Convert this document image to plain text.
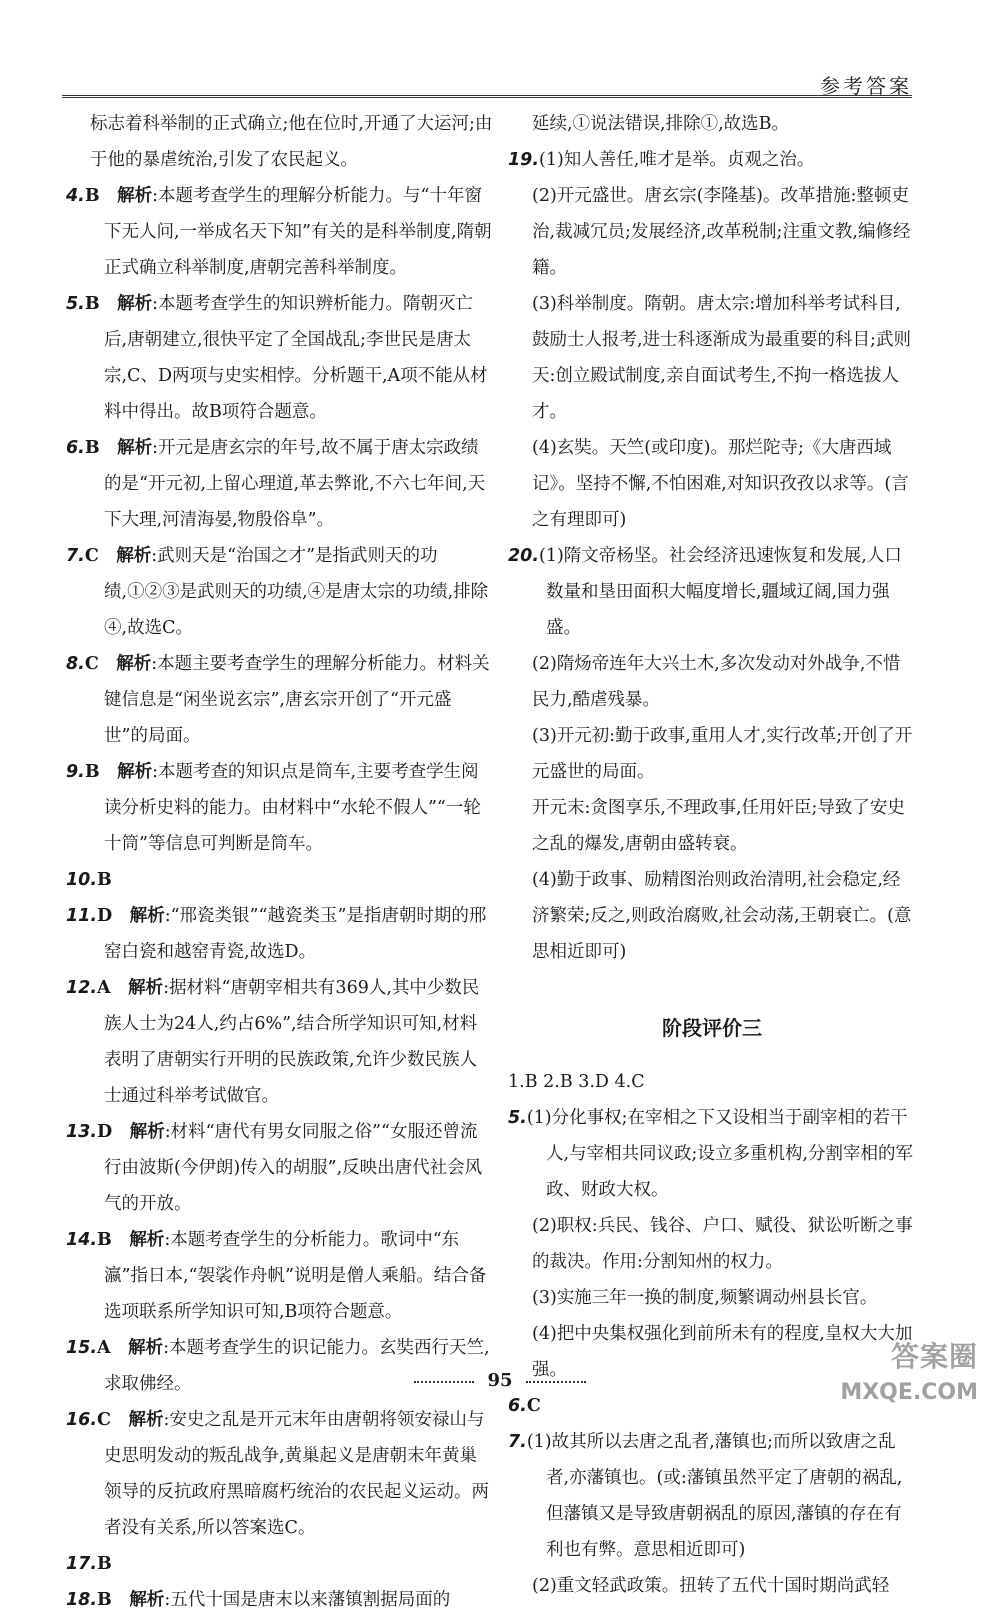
参考答案
标志着科举制的正式确立;他在位时,开通了大运河;由于他的暴虐统治,引发了农民起义。
4.B  解析:本题考查学生的理解分析能力。与“十年窗下无人问,一举成名天下知”有关的是科举制度,隋朝正式确立科举制度,唐朝完善科举制度。
5.B  解析:本题考查学生的知识辨析能力。隋朝灭亡后,唐朝建立,很快平定了全国战乱;李世民是唐太宗,C、D两项与史实相悖。分析题干,A项不能从材料中得出。故B项符合题意。
6.B  解析:开元是唐玄宗的年号,故不属于唐太宗政绩的是“开元初,上留心理道,革去弊讹,不六七年间,天下大理,河清海晏,物殷俗阜”。
7.C  解析:武则天是“治国之才”是指武则天的功绩,①②③是武则天的功绩,④是唐太宗的功绩,排除④,故选C。
8.C  解析:本题主要考查学生的理解分析能力。材料关键信息是“闲坐说玄宗”,唐玄宗开创了“开元盛世”的局面。
9.B  解析:本题考查的知识点是筒车,主要考查学生阅读分析史料的能力。由材料中“水轮不假人”“一轮十筒”等信息可判断是筒车。
10.B
11.D  解析:“邢瓷类银”“越瓷类玉”是指唐朝时期的邢窑白瓷和越窑青瓷,故选D。
12.A  解析:据材料“唐朝宰相共有369人,其中少数民族人士为24人,约占6%”,结合所学知识可知,材料表明了唐朝实行开明的民族政策,允许少数民族人士通过科举考试做官。
13.D  解析:材料“唐代有男女同服之俗”“女服还曾流行由波斯(今伊朗)传入的胡服”,反映出唐代社会风气的开放。
14.B  解析:本题考查学生的分析能力。歌词中“东瀛”指日本,“袈裟作舟帆”说明是僧人乘船。结合备选项联系所学知识可知,B项符合题意。
15.A  解析:本题考查学生的识记能力。玄奘西行天竺,求取佛经。
16.C  解析:安史之乱是开元末年由唐朝将领安禄山与史思明发动的叛乱战争,黄巢起义是唐朝末年黄巢领导的反抗政府黑暗腐朽统治的农民起义运动。两者没有关系,所以答案选C。
17.B
18.B  解析:五代十国是唐末以来藩镇割据局面的
延续,①说法错误,排除①,故选B。
19.(1)知人善任,唯才是举。贞观之治。
(2)开元盛世。唐玄宗(李隆基)。改革措施:整顿吏治,裁减冗员;发展经济,改革税制;注重文教,编修经籍。
(3)科举制度。隋朝。唐太宗:增加科举考试科目,鼓励士人报考,进士科逐渐成为最重要的科目;武则天:创立殿试制度,亲自面试考生,不拘一格选拔人才。
(4)玄奘。天竺(或印度)。那烂陀寺;《大唐西域记》。坚持不懈,不怕困难,对知识孜孜以求等。(言之有理即可)
20.(1)隋文帝杨坚。社会经济迅速恢复和发展,人口数量和垦田面积大幅度增长,疆域辽阔,国力强盛。
(2)隋炀帝连年大兴土木,多次发动对外战争,不惜民力,酷虐残暴。
(3)开元初:勤于政事,重用人才,实行改革;开创了开元盛世的局面。
开元末:贪图享乐,不理政事,任用奸臣;导致了安史之乱的爆发,唐朝由盛转衰。
(4)勤于政事、励精图治则政治清明,社会稳定,经济繁荣;反之,则政治腐败,社会动荡,王朝衰亡。(意思相近即可)
阶段评价三
1.B 2.B 3.D 4.C
5.(1)分化事权;在宰相之下又设相当于副宰相的若干人,与宰相共同议政;设立多重机构,分割宰相的军政、财政大权。
(2)职权:兵民、钱谷、户口、赋役、狱讼听断之事的裁决。作用:分割知州的权力。
(3)实施三年一换的制度,频繁调动州县长官。
(4)把中央集权强化到前所未有的程度,皇权大大加强。
6.C
7.(1)故其所以去唐之乱者,藩镇也;而所以致唐之乱者,亦藩镇也。(或:藩镇虽然平定了唐朝的祸乱,但藩镇又是导致唐朝祸乱的原因,藩镇的存在有利也有弊。意思相近即可)
(2)重文轻武政策。扭转了五代十国时期尚武轻
95
答案圈
MXQE.COM
